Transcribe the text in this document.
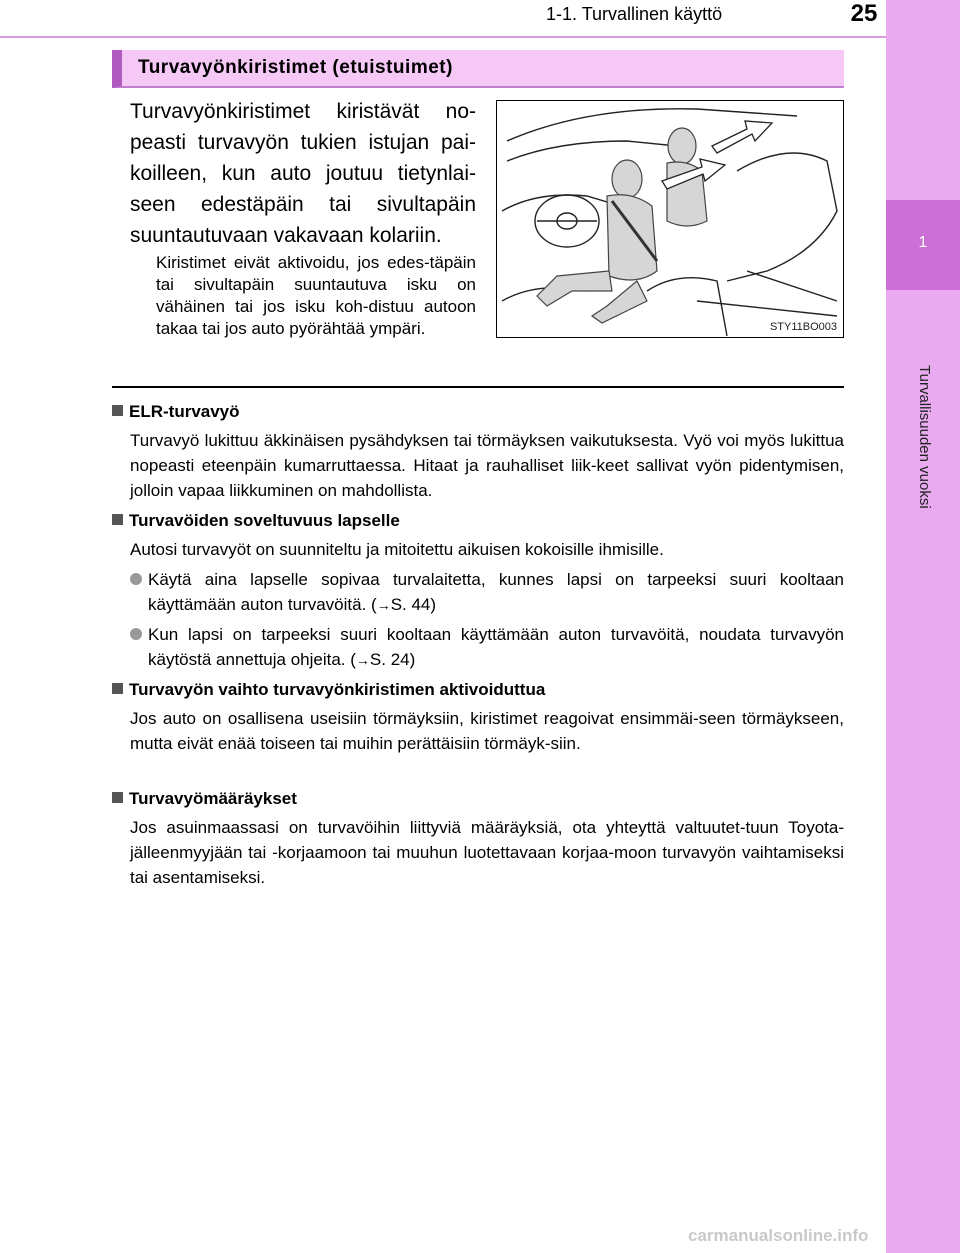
1-1. Turvallinen käyttö	25
1
Turvallisuuden vuoksi
Turvavyönkiristimet (etuistuimet)
Turvavyönkiristimet kiristävät no-peasti turvavyön tukien istujan pai-koilleen, kun auto joutuu tietynlai-seen edestäpäin tai sivultapäin suuntautuvaan vakavaan kolariin.
Kiristimet eivät aktivoidu, jos edes-täpäin tai sivultapäin suuntautuva isku on vähäinen tai jos isku koh-distuu autoon takaa tai jos auto pyörähtää ympäri.	STY11BO003
ELR-turvavyö
Turvavyö lukittuu äkkinäisen pysähdyksen tai törmäyksen vaikutuksesta. Vyö voi myös lukittua nopeasti eteenpäin kumarruttaessa. Hitaat ja rauhalliset liik-keet sallivat vyön pidentymisen, jolloin vapaa liikkuminen on mahdollista.
Turvavöiden soveltuvuus lapselle
Autosi turvavyöt on suunniteltu ja mitoitettu aikuisen kokoisille ihmisille.
Käytä aina lapselle sopivaa turvalaitetta, kunnes lapsi on tarpeeksi suuri kooltaan käyttämään auton turvavöitä. (→S. 44)
Kun lapsi on tarpeeksi suuri kooltaan käyttämään auton turvavöitä, noudata turvavyön käytöstä annettuja ohjeita. (→S. 24)
Turvavyön vaihto turvavyönkiristimen aktivoiduttua
Jos auto on osallisena useisiin törmäyksiin, kiristimet reagoivat ensimmäi-seen törmäykseen, mutta eivät enää toiseen tai muihin perättäisiin törmäyk-siin.
Turvavyömääräykset
Jos asuinmaassasi on turvavöihin liittyviä määräyksiä, ota yhteyttä valtuutet-tuun Toyota-jälleenmyyjään tai -korjaamoon tai muuhun luotettavaan korjaa-moon turvavyön vaihtamiseksi tai asentamiseksi.
carmanualsonline.info
